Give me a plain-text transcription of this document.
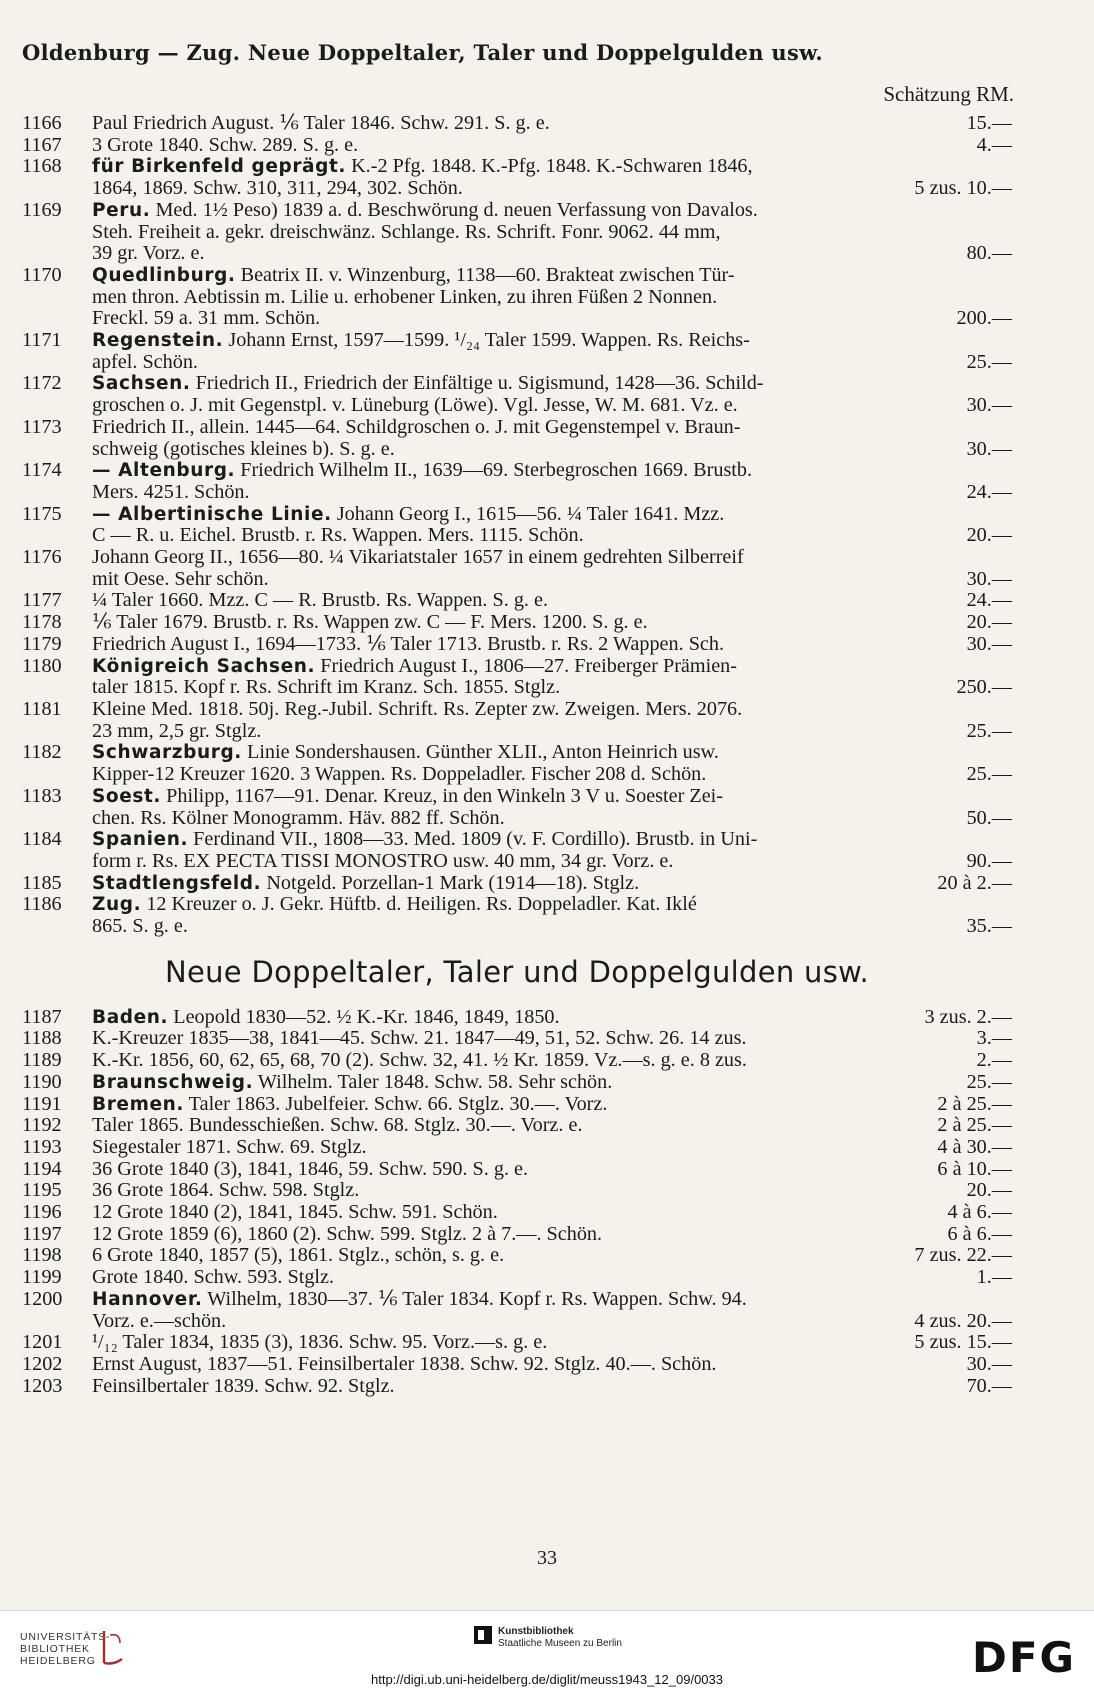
Oldenburg — Zug. Neue Doppeltaler, Taler und Doppelgulden usw.
Schätzung RM.
1166	Paul Friedrich August. ⅙ Taler 1846. Schw. 291. S. g. e.	15.—
1167	3 Grote 1840. Schw. 289. S. g. e.	4.—
1168	für Birkenfeld geprägt. K.-2 Pfg. 1848. K.-Pfg. 1848. K.-Schwaren 1846,
1864, 1869. Schw. 310, 311, 294, 302. Schön.	5 zus. 10.—
1169	Peru. Med. 1½ Peso) 1839 a. d. Beschwörung d. neuen Verfassung von Davalos.
Steh. Freiheit a. gekr. dreischwänz. Schlange. Rs. Schrift. Fonr. 9062. 44 mm,
39 gr. Vorz. e.	80.—
1170	Quedlinburg. Beatrix II. v. Winzenburg, 1138—60. Brakteat zwischen Tür-
men thron. Aebtissin m. Lilie u. erhobener Linken, zu ihren Füßen 2 Nonnen.
Freckl. 59 a. 31 mm. Schön.	200.—
1171	Regenstein. Johann Ernst, 1597—1599. ¹/₂₄ Taler 1599. Wappen. Rs. Reichs-
apfel. Schön.	25.—
1172	Sachsen. Friedrich II., Friedrich der Einfältige u. Sigismund, 1428—36. Schild-
groschen o. J. mit Gegenstpl. v. Lüneburg (Löwe). Vgl. Jesse, W. M. 681. Vz. e.	30.—
1173	Friedrich II., allein. 1445—64. Schildgroschen o. J. mit Gegenstempel v. Braun-
schweig (gotisches kleines b). S. g. e.	30.—
1174	— Altenburg. Friedrich Wilhelm II., 1639—69. Sterbegroschen 1669. Brustb.
Mers. 4251. Schön.	24.—
1175	— Albertinische Linie. Johann Georg I., 1615—56. ¼ Taler 1641. Mzz.
C — R. u. Eichel. Brustb. r. Rs. Wappen. Mers. 1115. Schön.	20.—
1176	Johann Georg II., 1656—80. ¼ Vikariatstaler 1657 in einem gedrehten Silberreif
mit Oese. Sehr schön.	30.—
1177	¼ Taler 1660. Mzz. C — R. Brustb. Rs. Wappen. S. g. e.	24.—
1178	⅙ Taler 1679. Brustb. r. Rs. Wappen zw. C — F. Mers. 1200. S. g. e.	20.—
1179	Friedrich August I., 1694—1733. ⅙ Taler 1713. Brustb. r. Rs. 2 Wappen. Sch.	30.—
1180	Königreich Sachsen. Friedrich August I., 1806—27. Freiberger Prämien-
taler 1815. Kopf r. Rs. Schrift im Kranz. Sch. 1855. Stglz.	250.—
1181	Kleine Med. 1818. 50j. Reg.-Jubil. Schrift. Rs. Zepter zw. Zweigen. Mers. 2076.
23 mm, 2,5 gr. Stglz.	25.—
1182	Schwarzburg. Linie Sondershausen. Günther XLII., Anton Heinrich usw.
Kipper-12 Kreuzer 1620. 3 Wappen. Rs. Doppeladler. Fischer 208 d. Schön.	25.—
1183	Soest. Philipp, 1167—91. Denar. Kreuz, in den Winkeln 3 V u. Soester Zei-
chen. Rs. Kölner Monogramm. Häv. 882 ff. Schön.	50.—
1184	Spanien. Ferdinand VII., 1808—33. Med. 1809 (v. F. Cordillo). Brustb. in Uni-
form r. Rs. EX PECTA TISSI MONOSTRO usw. 40 mm, 34 gr. Vorz. e.	90.—
1185	Stadtlengsfeld. Notgeld. Porzellan-1 Mark (1914—18). Stglz.	20 à 2.—
1186	Zug. 12 Kreuzer o. J. Gekr. Hüftb. d. Heiligen. Rs. Doppeladler. Kat. Iklé
865. S. g. e.	35.—
Neue Doppeltaler, Taler und Doppelgulden usw.
1187	Baden. Leopold 1830—52. ½ K.-Kr. 1846, 1849, 1850.	3 zus. 2.—
1188	K.-Kreuzer 1835—38, 1841—45. Schw. 21. 1847—49, 51, 52. Schw. 26. 14 zus.	3.—
1189	K.-Kr. 1856, 60, 62, 65, 68, 70 (2). Schw. 32, 41. ½ Kr. 1859. Vz.—s. g. e. 8 zus.	2.—
1190	Braunschweig. Wilhelm. Taler 1848. Schw. 58. Sehr schön.	25.—
1191	Bremen. Taler 1863. Jubelfeier. Schw. 66. Stglz. 30.—. Vorz.	2 à 25.—
1192	Taler 1865. Bundesschießen. Schw. 68. Stglz. 30.—. Vorz. e.	2 à 25.—
1193	Siegestaler 1871. Schw. 69. Stglz.	4 à 30.—
1194	36 Grote 1840 (3), 1841, 1846, 59. Schw. 590. S. g. e.	6 à 10.—
1195	36 Grote 1864. Schw. 598. Stglz.	20.—
1196	12 Grote 1840 (2), 1841, 1845. Schw. 591. Schön.	4 à 6.—
1197	12 Grote 1859 (6), 1860 (2). Schw. 599. Stglz. 2 à 7.—. Schön.	6 à 6.—
1198	6 Grote 1840, 1857 (5), 1861. Stglz., schön, s. g. e.	7 zus. 22.—
1199	Grote 1840. Schw. 593. Stglz.	1.—
1200	Hannover. Wilhelm, 1830—37. ⅙ Taler 1834. Kopf r. Rs. Wappen. Schw. 94.
Vorz. e.—schön.	4 zus. 20.—
1201	¹/₁₂ Taler 1834, 1835 (3), 1836. Schw. 95. Vorz.—s. g. e.	5 zus. 15.—
1202	Ernst August, 1837—51. Feinsilbertaler 1838. Schw. 92. Stglz. 40.—. Schön.	30.—
1203	Feinsilbertaler 1839. Schw. 92. Stglz.	70.—
33
UNIVERSITÄTS-
BIBLIOTHEK
HEIDELBERG
Kunstbibliothek
Staatliche Museen zu Berlin	DFG
http://digi.ub.uni-heidelberg.de/diglit/meuss1943_12_09/0033
